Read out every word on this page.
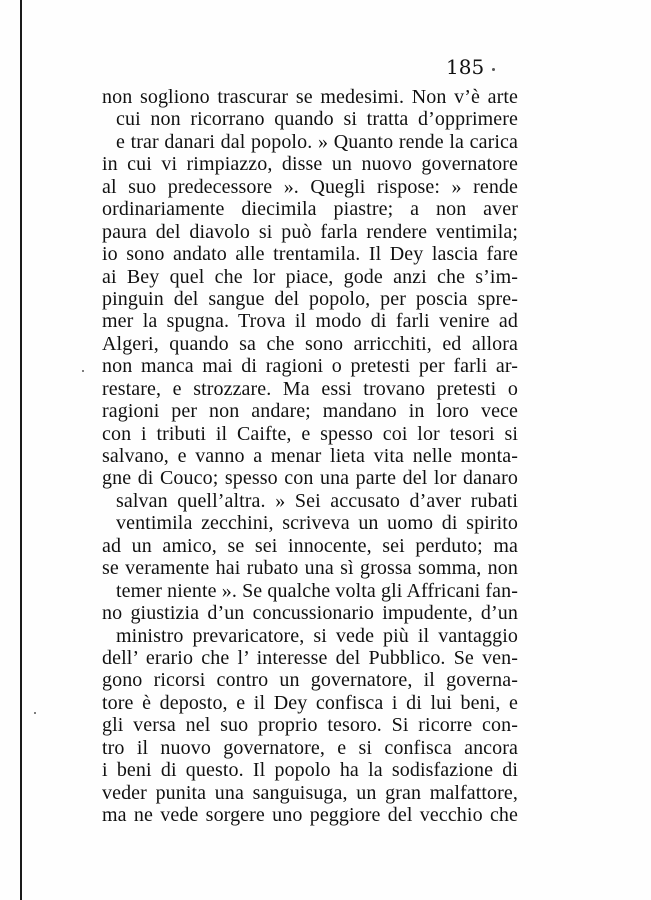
185

non sogliono trascurar se medesimi. Non v’è arte
cui non ricorrano quando si tratta d’opprimere
e trar danari dal popolo. » Quanto rende la carica
in cui vi rimpiazzo, disse un nuovo governatore
al suo predecessore ». Quegli rispose: » rende
ordinariamente diecimila piastre; a non aver
paura del diavolo si può farla rendere ventimila;
io sono andato alle trentamila. Il Dey lascia fare
ai Bey quel che lor piace, gode anzi che s’im-
pinguin del sangue del popolo, per poscia spre-
mer la spugna. Trova il modo di farli venire ad
Algeri, quando sa che sono arricchiti, ed allora
non manca mai di ragioni o pretesti per farli ar-
restare, e strozzare. Ma essi trovano pretesti o
ragioni per non andare; mandano in loro vece
con i tributi il Caifte, e spesso coi lor tesori si
salvano, e vanno a menar lieta vita nelle monta-
gne di Couco; spesso con una parte del lor danaro
salvan quell’altra. » Sei accusato d’aver rubati
ventimila zecchini, scriveva un uomo di spirito
ad un amico, se sei innocente, sei perduto; ma
se veramente hai rubato una sì grossa somma, non
temer niente ». Se qualche volta gli Affricani fan-
no giustizia d’un concussionario impudente, d’un
ministro prevaricatore, si vede più il vantaggio
dell’ erario che l’ interesse del Pubblico. Se ven-
gono ricorsi contro un governatore, il governa-
tore è deposto, e il Dey confisca i di lui beni, e
gli versa nel suo proprio tesoro. Si ricorre con-
tro il nuovo governatore, e si confisca ancora
i beni di questo. Il popolo ha la sodisfazione di
veder punita una sanguisuga, un gran malfattore,
ma ne vede sorgere uno peggiore del vecchio che
